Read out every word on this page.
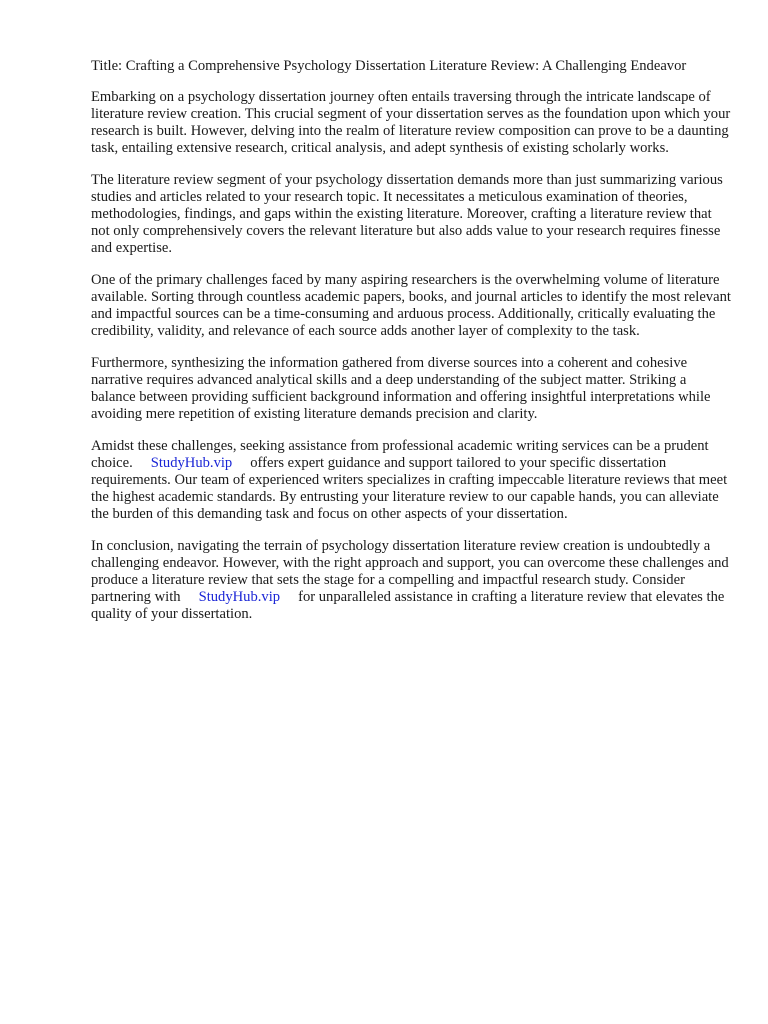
Title: Crafting a Comprehensive Psychology Dissertation Literature Review: A Challenging Endeavor

Embarking on a psychology dissertation journey often entails traversing through the intricate landscape of literature review creation. This crucial segment of your dissertation serves as the foundation upon which your research is built. However, delving into the realm of literature review composition can prove to be a daunting task, entailing extensive research, critical analysis, and adept synthesis of existing scholarly works.

The literature review segment of your psychology dissertation demands more than just summarizing various studies and articles related to your research topic. It necessitates a meticulous examination of theories, methodologies, findings, and gaps within the existing literature. Moreover, crafting a literature review that not only comprehensively covers the relevant literature but also adds value to your research requires finesse and expertise.

One of the primary challenges faced by many aspiring researchers is the overwhelming volume of literature available. Sorting through countless academic papers, books, and journal articles to identify the most relevant and impactful sources can be a time-consuming and arduous process. Additionally, critically evaluating the credibility, validity, and relevance of each source adds another layer of complexity to the task.

Furthermore, synthesizing the information gathered from diverse sources into a coherent and cohesive narrative requires advanced analytical skills and a deep understanding of the subject matter. Striking a balance between providing sufficient background information and offering insightful interpretations while avoiding mere repetition of existing literature demands precision and clarity.

Amidst these challenges, seeking assistance from professional academic writing services can be a prudent choice. StudyHub.vip offers expert guidance and support tailored to your specific dissertation requirements. Our team of experienced writers specializes in crafting impeccable literature reviews that meet the highest academic standards. By entrusting your literature review to our capable hands, you can alleviate the burden of this demanding task and focus on other aspects of your dissertation.

In conclusion, navigating the terrain of psychology dissertation literature review creation is undoubtedly a challenging endeavor. However, with the right approach and support, you can overcome these challenges and produce a literature review that sets the stage for a compelling and impactful research study. Consider partnering with StudyHub.vip for unparalleled assistance in crafting a literature review that elevates the quality of your dissertation.
